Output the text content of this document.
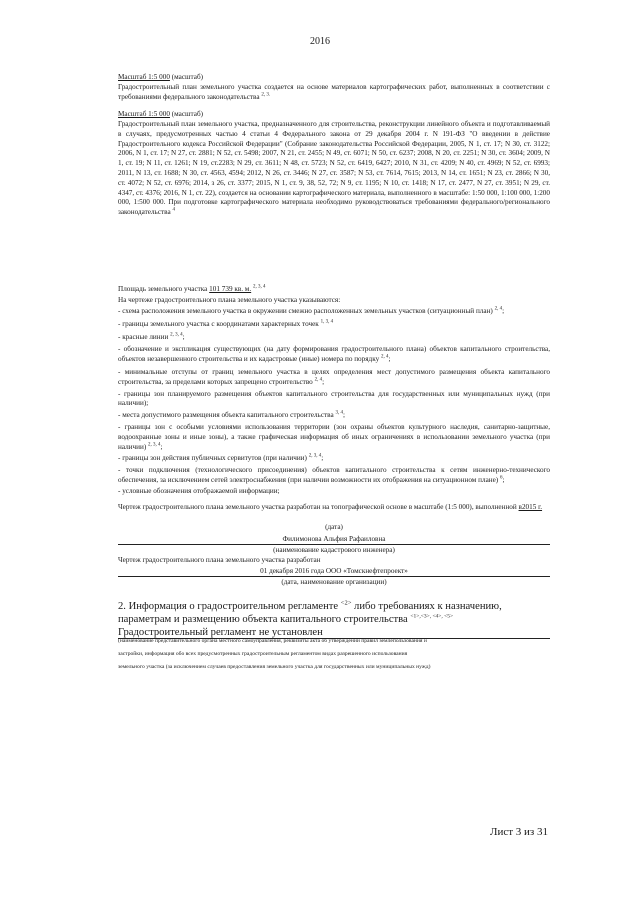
2016
Масштаб 1:5 000 (масштаб)
Градостроительный план земельного участка создается на основе материалов картографических работ, выполненных в соответствии с требованиями федерального законодательства $^{2, 3.}$
Масштаб 1:5 000 (масштаб)
Градостроительный план земельного участка, предназначенного для строительства, реконструкции линейного объекта и подготавливаемый в случаях, предусмотренных частью 4 статьи 4 Федерального закона от 29 декабря 2004 г. N 191-ФЗ "О введении в действие Градостроительного кодекса Российской Федерации" (Собрание законодательства Российской Федерации, 2005, N 1, ст. 17; N 30, ст. 3122; 2006, N 1, ст. 17; N 27, ст. 2881; N 52, ст. 5498; 2007, N 21, ст. 2455; N 49, ст. 6071; N 50, ст. 6237; 2008, N 20, ст. 2251; N 30, ст. 3604; 2009, N 1, ст. 19; N 11, ст. 1261; N 19, ст.2283; N 29, ст. 3611; N 48, ст. 5723; N 52, ст. 6419, 6427; 2010, N 31, ст. 4209; N 40, ст. 4969; N 52, ст. 6993; 2011, N 13, ст. 1688; N 30, ст. 4563, 4594; 2012, N 26, ст. 3446; N 27, ст. 3587; N 53, ст. 7614, 7615; 2013, N 14, ст. 1651; N 23, ст. 2866; N 30, ст. 4072; N 52, ст. 6976; 2014, з 26, ст. 3377; 2015, N 1, ст. 9, 38, 52, 72; N 9, ст. 1195; N 10, ст. 1418; N 17, ст. 2477, N 27, ст. 3951; N 29, ст. 4347, ст. 4376; 2016, N 1, ст. 22), создается на основании картографического материала, выполненного в масштабе: 1:50 000, 1:100 000, 1:200 000, 1:500 000. При подготовке картографического материала необходимо руководствоваться требованиями федерального/регионального законодательства $^4$
Площадь земельного участка 101 739 кв. м. $^{2, 3, 4}$
На чертеже градостроительного плана земельного участка указываются:
- схема расположения земельного участка в окружении смежно расположенных земельных участков (ситуационный план) $^{2, 4}$;
- границы земельного участка с координатами характерных точек $^{1, 3, 4}$
- красные линии $^{2, 3, 4}$;
- обозначение и экспликация существующих (на дату формирования градостроительного плана) объектов капитального строительства, объектов незавершенного строительства и их кадастровые (иные) номера по порядку $^{2, 4}$;
- минимальные отступы от границ земельного участка в целях определения мест допустимого размещения объекта капитального строительства, за пределами которых запрещено строительство $^{2, 4}$;
- границы зон планируемого размещения объектов капитального строительства для государственных или муниципальных нужд (при наличии);
- места допустимого размещения объекта капитального строительства $^{3, 4}$;
- границы зон с особыми условиями использования территории (зон охраны объектов культурного наследия, санитарно-защитные, водоохранные зоны и иные зоны), а также графическая информация об иных ограничениях в использовании земельного участка (при наличии) $^{2, 3, 4}$;
- границы зон действия публичных сервитутов (при наличии) $^{2, 3, 4}$;
- точки подключения (технологического присоединения) объектов капитального строительства к сетям инженерно-технического обеспечения, за исключением сетей электроснабжения (при наличии возможности их отображения на ситуационном плане) $^6$;
- условные обозначения отображаемой информации;
Чертеж градостроительного плана земельного участка разработан на топографической основе в масштабе (1:5 000), выполненной в2015 г.
(дата)
Филимонова Альфия Рафаиловна
(наименование кадастрового инженера)
Чертеж градостроительного плана земельного участка разработан
01 декабря 2016 года ООО «Томскнефтепроект»
(дата, наименование организации)
2. Информация о градостроительном регламенте $^{<2>}$ либо требованиях к назначению,
параметрам и размещению объекта капитального строительства $^{<1>,<3>, <4>, <5>}$
Градостроительный регламент не установлен
(наименование представительного органа местного самоуправления, реквизиты акта об утверждении правил землепользования и
застройки, информация обо всех предусмотренных градостроительным регламентом видах разрешенного использования
земельного участка (за исключением случаев предоставления земельного участка для государственных или муниципальных нужд)
Лист 3 из 31
